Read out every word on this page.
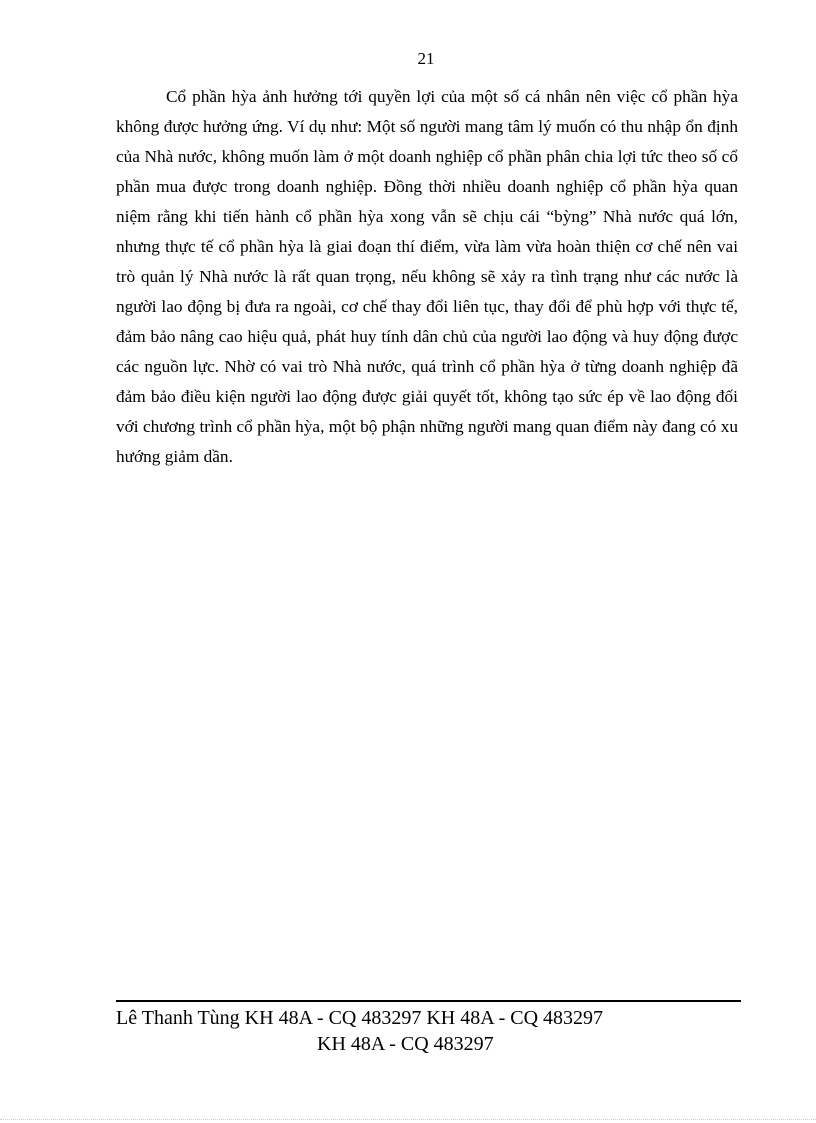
21

Cổ phần hỳa ảnh hưởng tới quyền lợi của một số cá nhân nên việc cổ phần hỳa không được hưởng ứng. Ví dụ như: Một số người mang tâm lý muốn có thu nhập ổn định của Nhà nước, không muốn làm ở một doanh nghiệp cổ phần phân chia lợi tức theo số cổ phần mua được trong doanh nghiệp. Đồng thời nhiều doanh nghiệp cổ phần hỳa quan niệm rằng khi tiến hành cổ phần hỳa xong vẫn sẽ chịu cái “bỳng” Nhà nước quá lớn, nhưng thực tế cổ phần hỳa là giai đoạn thí điểm, vừa làm vừa hoàn thiện cơ chế nên vai trò quản lý Nhà nước là rất quan trọng, nếu không sẽ xảy ra tình trạng như các nước là người lao động bị đưa ra ngoài, cơ chế thay đổi liên tục, thay đổi để phù hợp với thực tế, đảm bảo nâng cao hiệu quả, phát huy tính dân chủ của người lao động và huy động được các nguồn lực. Nhờ có vai trò Nhà nước, quá trình cổ phần hỳa ở từng doanh nghiệp đã đảm bảo điều kiện người lao động được giải quyết tốt, không tạo sức ép về lao động đối với chương trình cổ phần hỳa, một bộ phận những người mang quan điểm này đang có xu hướng giảm dần.

Lê Thanh Tùng KH 48A - CQ 483297 KH 48A - CQ 483297
KH 48A - CQ 483297
